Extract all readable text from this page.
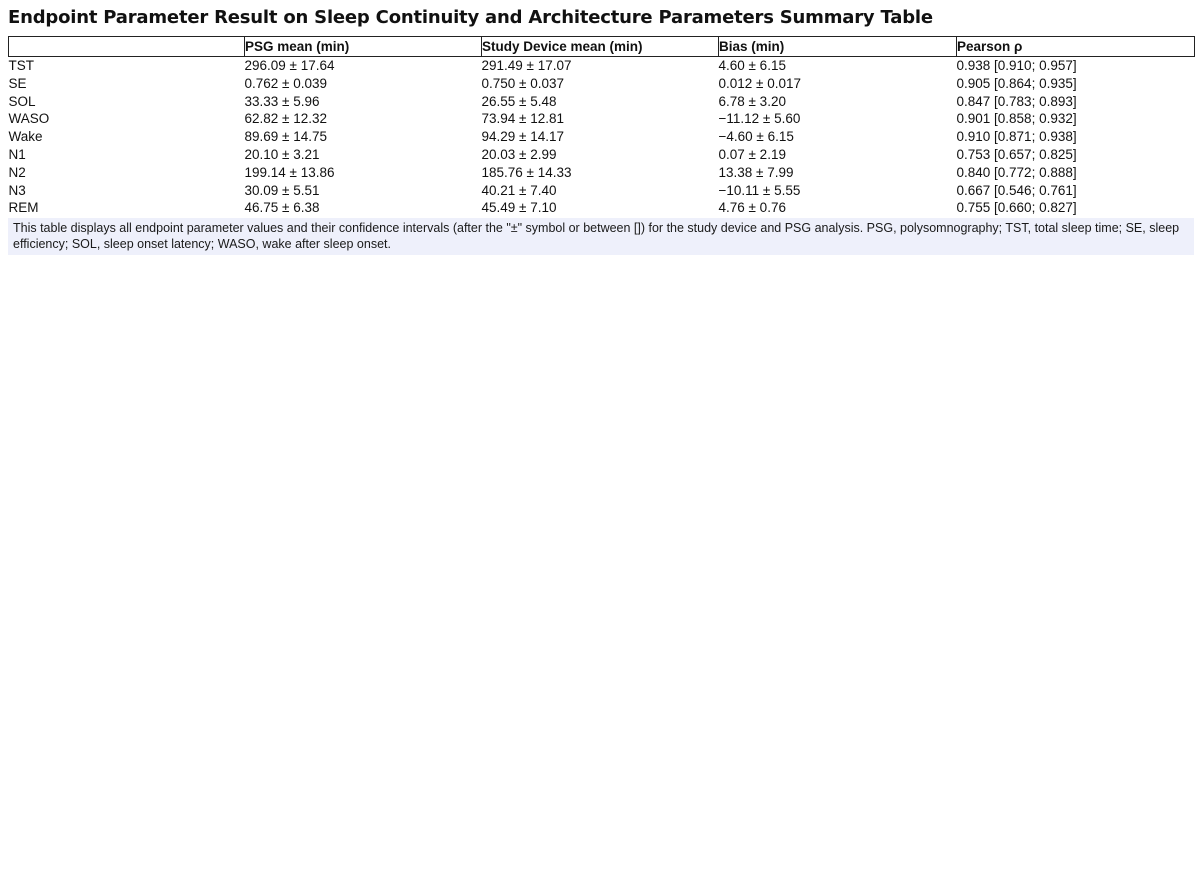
Endpoint Parameter Result on Sleep Continuity and Architecture Parameters Summary Table
	PSG mean (min)	Study Device mean (min)	Bias (min)	Pearson ρ
TST	296.09 ± 17.64	291.49 ± 17.07	4.60 ± 6.15	0.938 [0.910; 0.957]
SE	0.762 ± 0.039	0.750 ± 0.037	0.012 ± 0.017	0.905 [0.864; 0.935]
SOL	33.33 ± 5.96	26.55 ± 5.48	6.78 ± 3.20	0.847 [0.783; 0.893]
WASO	62.82 ± 12.32	73.94 ± 12.81	−11.12 ± 5.60	0.901 [0.858; 0.932]
Wake	89.69 ± 14.75	94.29 ± 14.17	−4.60 ± 6.15	0.910 [0.871; 0.938]
N1	20.10 ± 3.21	20.03 ± 2.99	0.07 ± 2.19	0.753 [0.657; 0.825]
N2	199.14 ± 13.86	185.76 ± 14.33	13.38 ± 7.99	0.840 [0.772; 0.888]
N3	30.09 ± 5.51	40.21 ± 7.40	−10.11 ± 5.55	0.667 [0.546; 0.761]
REM	46.75 ± 6.38	45.49 ± 7.10	4.76 ± 0.76	0.755 [0.660; 0.827]
This table displays all endpoint parameter values and their confidence intervals (after the "±" symbol or between []) for the study device and PSG analysis. PSG, polysomnography; TST, total sleep time; SE, sleep efficiency; SOL, sleep onset latency; WASO, wake after sleep onset.
